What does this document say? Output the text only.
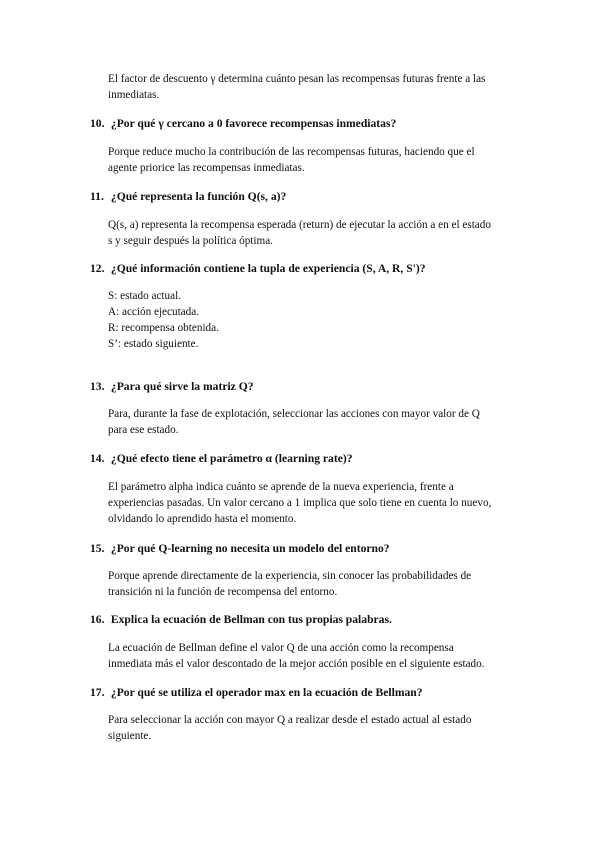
El factor de descuento γ determina cuánto pesan las recompensas futuras frente a las
inmediatas.
10. ¿Por qué γ cercano a 0 favorece recompensas inmediatas?
Porque reduce mucho la contribución de las recompensas futuras, haciendo que el
agente priorice las recompensas inmediatas.
11. ¿Qué representa la función Q(s, a)?
Q(s, a) representa la recompensa esperada (return) de ejecutar la acción a en el estado
s y seguir después la política óptima.
12. ¿Qué información contiene la tupla de experiencia (S, A, R, S')?
S: estado actual.
A: acción ejecutada.
R: recompensa obtenida.
S’: estado siguiente.
13. ¿Para qué sirve la matriz Q?
Para, durante la fase de explotación, seleccionar las acciones con mayor valor de Q
para ese estado.
14. ¿Qué efecto tiene el parámetro α (learning rate)?
El parámetro alpha indica cuánto se aprende de la nueva experiencia, frente a
experiencias pasadas. Un valor cercano a 1 implica que solo tiene en cuenta lo nuevo,
olvidando lo aprendido hasta el momento.
15. ¿Por qué Q-learning no necesita un modelo del entorno?
Porque aprende directamente de la experiencia, sin conocer las probabilidades de
transición ni la función de recompensa del entorno.
16. Explica la ecuación de Bellman con tus propias palabras.
La ecuación de Bellman define el valor Q de una acción como la recompensa
inmediata más el valor descontado de la mejor acción posible en el siguiente estado.
17. ¿Por qué se utiliza el operador max en la ecuación de Bellman?
Para seleccionar la acción con mayor Q a realizar desde el estado actual al estado
siguiente.
